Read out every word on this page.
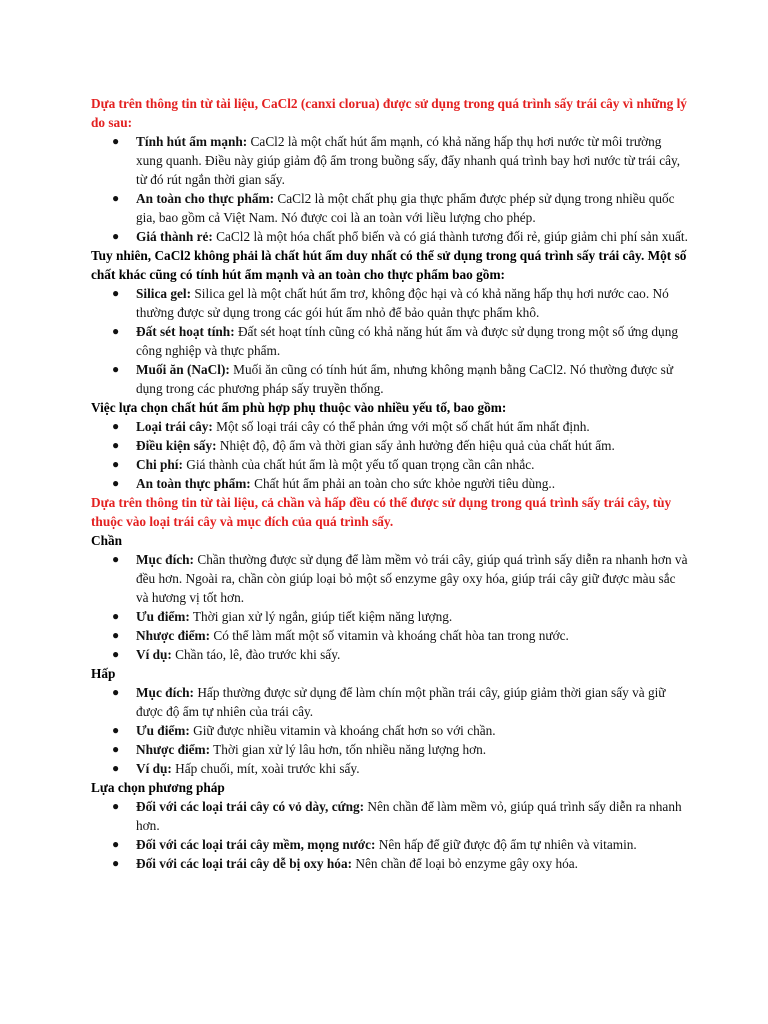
Dựa trên thông tin từ tài liệu, CaCl2 (canxi clorua) được sử dụng trong quá trình sấy trái cây vì những lý do sau:
● Tính hút ẩm mạnh: CaCl2 là một chất hút ẩm mạnh, có khả năng hấp thụ hơi nước từ môi trường xung quanh. Điều này giúp giảm độ ẩm trong buồng sấy, đẩy nhanh quá trình bay hơi nước từ trái cây, từ đó rút ngắn thời gian sấy.
● An toàn cho thực phẩm: CaCl2 là một chất phụ gia thực phẩm được phép sử dụng trong nhiều quốc gia, bao gồm cả Việt Nam. Nó được coi là an toàn với liều lượng cho phép.
● Giá thành rẻ: CaCl2 là một hóa chất phổ biến và có giá thành tương đối rẻ, giúp giảm chi phí sản xuất.
Tuy nhiên, CaCl2 không phải là chất hút ẩm duy nhất có thể sử dụng trong quá trình sấy trái cây. Một số chất khác cũng có tính hút ẩm mạnh và an toàn cho thực phẩm bao gồm:
● Silica gel: Silica gel là một chất hút ẩm trơ, không độc hại và có khả năng hấp thụ hơi nước cao. Nó thường được sử dụng trong các gói hút ẩm nhỏ để bảo quản thực phẩm khô.
● Đất sét hoạt tính: Đất sét hoạt tính cũng có khả năng hút ẩm và được sử dụng trong một số ứng dụng công nghiệp và thực phẩm.
● Muối ăn (NaCl): Muối ăn cũng có tính hút ẩm, nhưng không mạnh bằng CaCl2. Nó thường được sử dụng trong các phương pháp sấy truyền thống.
Việc lựa chọn chất hút ẩm phù hợp phụ thuộc vào nhiều yếu tố, bao gồm:
● Loại trái cây: Một số loại trái cây có thể phản ứng với một số chất hút ẩm nhất định.
● Điều kiện sấy: Nhiệt độ, độ ẩm và thời gian sấy ảnh hưởng đến hiệu quả của chất hút ẩm.
● Chi phí: Giá thành của chất hút ẩm là một yếu tố quan trọng cần cân nhắc.
● An toàn thực phẩm: Chất hút ẩm phải an toàn cho sức khỏe người tiêu dùng..
Dựa trên thông tin từ tài liệu, cả chần và hấp đều có thể được sử dụng trong quá trình sấy trái cây, tùy thuộc vào loại trái cây và mục đích của quá trình sấy.
Chần
● Mục đích: Chần thường được sử dụng để làm mềm vỏ trái cây, giúp quá trình sấy diễn ra nhanh hơn và đều hơn. Ngoài ra, chần còn giúp loại bỏ một số enzyme gây oxy hóa, giúp trái cây giữ được màu sắc và hương vị tốt hơn.
● Ưu điểm: Thời gian xử lý ngắn, giúp tiết kiệm năng lượng.
● Nhược điểm: Có thể làm mất một số vitamin và khoáng chất hòa tan trong nước.
● Ví dụ: Chần táo, lê, đào trước khi sấy.
Hấp
● Mục đích: Hấp thường được sử dụng để làm chín một phần trái cây, giúp giảm thời gian sấy và giữ được độ ẩm tự nhiên của trái cây.
● Ưu điểm: Giữ được nhiều vitamin và khoáng chất hơn so với chần.
● Nhược điểm: Thời gian xử lý lâu hơn, tốn nhiều năng lượng hơn.
● Ví dụ: Hấp chuối, mít, xoài trước khi sấy.
Lựa chọn phương pháp
● Đối với các loại trái cây có vỏ dày, cứng: Nên chần để làm mềm vỏ, giúp quá trình sấy diễn ra nhanh hơn.
● Đối với các loại trái cây mềm, mọng nước: Nên hấp để giữ được độ ẩm tự nhiên và vitamin.
● Đối với các loại trái cây dễ bị oxy hóa: Nên chần để loại bỏ enzyme gây oxy hóa.
